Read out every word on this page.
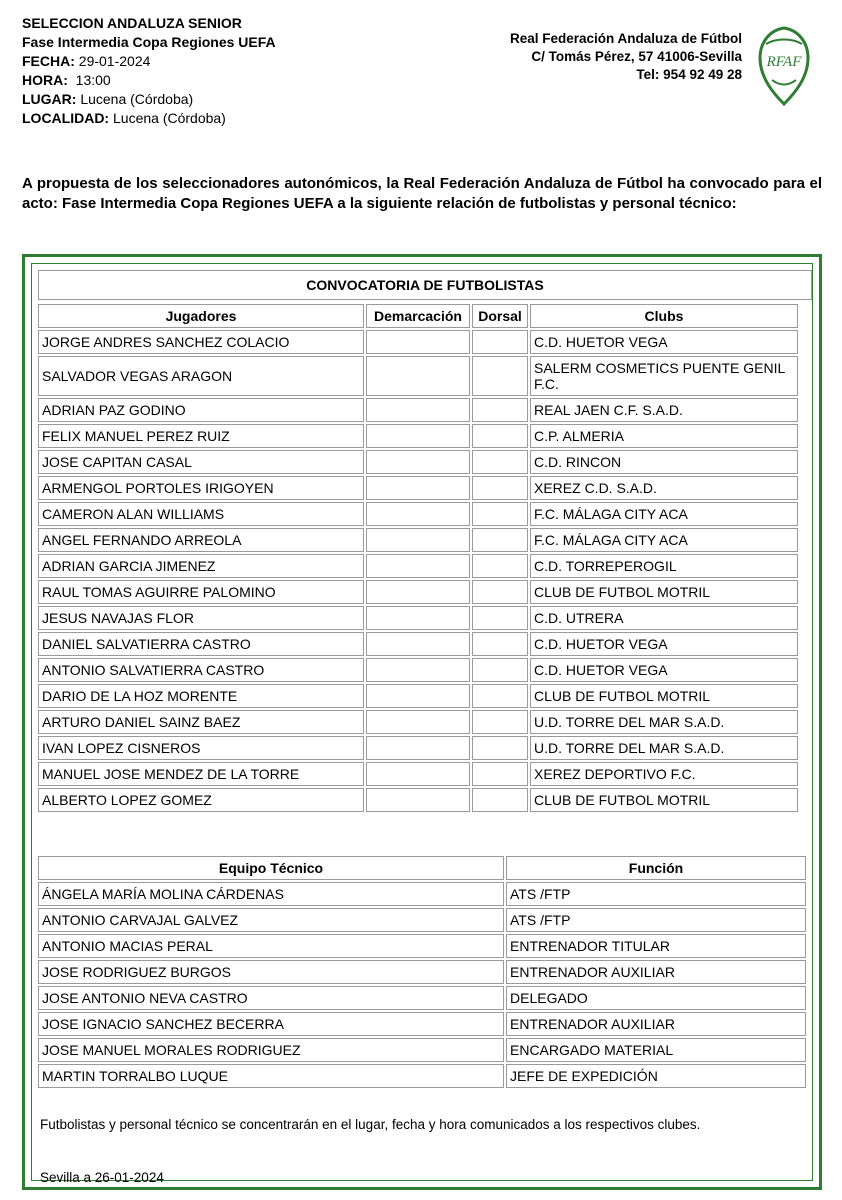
SELECCION ANDALUZA SENIOR
Fase Intermedia Copa Regiones UEFA
FECHA: 29-01-2024
HORA: 13:00
LUGAR: Lucena (Córdoba)
LOCALIDAD: Lucena (Córdoba)
Real Federación Andaluza de Fútbol
C/ Tomás Pérez, 57 41006-Sevilla
Tel: 954 92 49 28
RFAF
A propuesta de los seleccionadores autonómicos, la Real Federación Andaluza de Fútbol ha convocado para el acto: Fase Intermedia Copa Regiones UEFA a la siguiente relación de futbolistas y personal técnico:
CONVOCATORIA DE FUTBOLISTAS
Jugadores	Demarcación	Dorsal	Clubs
JORGE ANDRES SANCHEZ COLACIO			C.D. HUETOR VEGA
SALVADOR VEGAS ARAGON			SALERM COSMETICS PUENTE GENIL F.C.
ADRIAN PAZ GODINO			REAL JAEN C.F. S.A.D.
FELIX MANUEL PEREZ RUIZ			C.P. ALMERIA
JOSE CAPITAN CASAL			C.D. RINCON
ARMENGOL PORTOLES IRIGOYEN			XEREZ C.D. S.A.D.
CAMERON ALAN WILLIAMS			F.C. MÁLAGA CITY ACA
ANGEL FERNANDO ARREOLA			F.C. MÁLAGA CITY ACA
ADRIAN GARCIA JIMENEZ			C.D. TORREPEROGIL
RAUL TOMAS AGUIRRE PALOMINO			CLUB DE FUTBOL MOTRIL
JESUS NAVAJAS FLOR			C.D. UTRERA
DANIEL SALVATIERRA CASTRO			C.D. HUETOR VEGA
ANTONIO SALVATIERRA CASTRO			C.D. HUETOR VEGA
DARIO DE LA HOZ MORENTE			CLUB DE FUTBOL MOTRIL
ARTURO DANIEL SAINZ BAEZ			U.D. TORRE DEL MAR S.A.D.
IVAN LOPEZ CISNEROS			U.D. TORRE DEL MAR S.A.D.
MANUEL JOSE MENDEZ DE LA TORRE			XEREZ DEPORTIVO F.C.
ALBERTO LOPEZ GOMEZ			CLUB DE FUTBOL MOTRIL
Equipo Técnico	Función
ÁNGELA MARÍA MOLINA CÁRDENAS	ATS /FTP
ANTONIO CARVAJAL GALVEZ	ATS /FTP
ANTONIO MACIAS PERAL	ENTRENADOR TITULAR
JOSE RODRIGUEZ BURGOS	ENTRENADOR AUXILIAR
JOSE ANTONIO NEVA CASTRO	DELEGADO
JOSE IGNACIO SANCHEZ BECERRA	ENTRENADOR AUXILIAR
JOSE MANUEL MORALES RODRIGUEZ	ENCARGADO MATERIAL
MARTIN TORRALBO LUQUE	JEFE DE EXPEDICIÓN
Futbolistas y personal técnico se concentrarán en el lugar, fecha y hora comunicados a los respectivos clubes.
Sevilla a 26-01-2024
